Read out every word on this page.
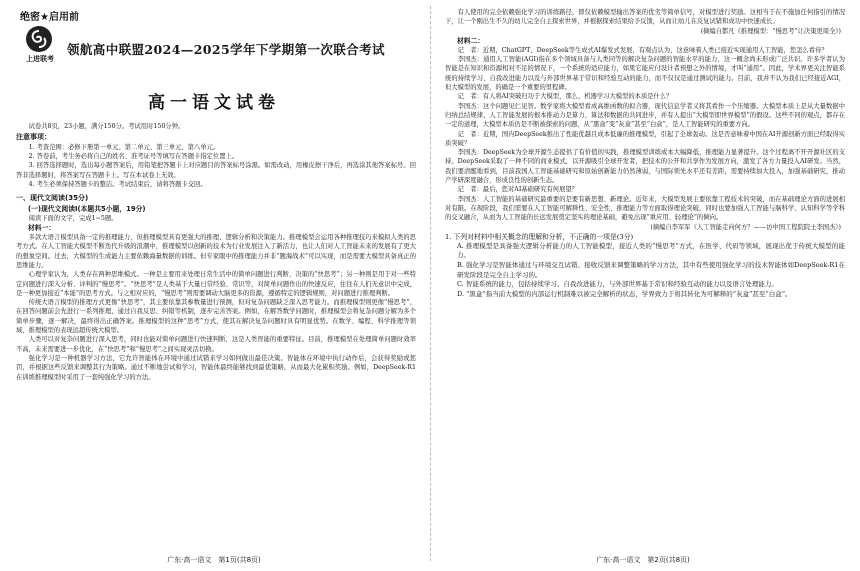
绝密★启用前
上进联考
领航高中联盟2024—2025学年下学期第一次联合考试
高一语文试卷

试卷共8页，23小题，满分150分。考试用时150分钟。

注意事项：

1. 考查范围：必修下册第一单元、第二单元、第三单元、第八单元。

2. 答卷前，考生务必将自己的姓名、准考证号等填写在答题卡指定位置上。

3. 回答选择题时，选出每小题答案后，用铅笔把答题卡上对应题目的答案标号涂黑。如需改动，用橡皮擦干净后，再选涂其他答案标号。回答非选择题时，将答案写在答题卡上。写在本试卷上无效。

4. 考生必须保持答题卡的整洁。考试结束后，请将答题卡交回。

一、现代文阅读(35分)

(一)现代文阅读Ⅰ(本题共5小题，19分)

阅读下面的文字，完成1~5题。

材料一：

多款大语言模型具备一定的推理能力，但推理模型具有更强大的推理、逻辑分析和决策能力。推理模型会运用各种推理技巧来模拟人类的思考方式。在人工智能大模型不断迭代升级的浪潮中，推理模型以创新的技术为行业发展注入了新活力，也让人们对人工智能未来的发展有了更大的想象空间。过去，大模型的生成能力主要依赖海量数据的训练。但专家眼中的推理能力并非“题海战术”可以实现，而是需要大模型具备真正的思维能力。

心理学家认为，人类存在两种思维模式。一种是主要用来处理日常生活中的简单问题进行判断、决策的“快思考”；另一种则是用于对一些特定问题进行深入分析、评判的“慢思考”。“快思考”是人类基于大量日常经验、常识等，对简单问题作出的快速反应，往往在人们无意识中完成，是一种更加接近“本能”的思考方式。与之相对应的，“慢思考”则需要调动大脑更多的资源，遵循特定的逻辑规则，对问题进行推理判断。

传统大语言模型的推理方式更像“快思考”，其主要依靠其参数量进行预测，但对复杂问题缺乏深入思考能力。而推理模型则更像“慢思考”，在回答问题前会先进行一系列推理，通过自我反思、纠错等机制，逐步完善答案。例如，在解答数学问题时，推理模型会将复杂问题分解为多个简单步骤，逐一解决，最终得出正确答案。推理模型的这种“思考”方式，使其在解决复杂问题时具有明显优势。在数学、编程、科学推理等领域，推理模型的表现远超传统大模型。

人类可以对复杂问题进行深入思考，同时也能对简单问题进行快速判断，这是人类智能的重要特征。目前，推理模型在处理简单问题时效率不高，未来需要进一步优化，在“快思考”和“慢思考”之间实现灵活切换。

强化学习是一种机器学习方法，它允许智能体在环境中通过试错来学习如何做出最佳决策。智能体在环境中执行动作后，会获得奖励或惩罚，并根据这些反馈来调整其行为策略。通过不断地尝试和学习，智能体最终能够找到最优策略，从而最大化累积奖励。例如，DeepSeek-R1在训练推理模型时采用了一套纯强化学习的方法。

广东·高一语文　第1页(共8页)

有人使用的完全依赖强化学习的训练路径，即仅依赖模型输出答案的优劣等简单信号，对模型进行奖励。这相当于在不施加任何指引的情况下，让一个刚出生不久的幼儿完全自主探索世界，并根据探索结果给予反馈，从而让幼儿在反复试错和成功中快速成长。

(摘编自都凡《推理模型：“慢思考”让决策更周全》)

材料二：

记　者：近期，ChatGPT、DeepSeek等生成式AI爆发式发展，有观点认为，这意味着人类已接近实现通用人工智能，您怎么看待？

李国杰：通用人工智能(AGI)指在多个领域具备与人类同等的解决复杂问题的智能水平的能力，这一概念尚未形成广泛共识。许多学者认为智能是在知识和资源相对不足的情况下，一个系统的适应能力，如果它能应付设计者预想之外的情境，才叫“通用”。因此，学术界更关注智能系统的持续学习、自我改进能力以及与外部世界基于常识和经验互动的能力，而不仅仅是通过测试的能力。目前，我并不认为我们已经接近AGI，但大模型的发展，的确是一个重要的里程碑。

记　者：有人将AI突破归功于大模型，那么，机器学习大模型的本质是什么？

李国杰：这个问题见仁见智。数学家将大模型看成高维函数的拟合器，现代信息学者又将其看作一个压缩器。大模型本质上是从大量数据中归纳总结规律，人工智能发展的根本推动力是算力、算法和数据的共同进步，并有人提出“大模型即世界模型”的假设。这些不同的观点，都存在一定的道理，大模型本质仍是不断被探索的问题，从“黑盒”变“灰盒”甚至“白盒”，是人工智能研究的重要方向。

记　者：近期，国内DeepSeek推出了性能优越且成本低廉的推理模型，引起了全球轰动。这是否意味着中国在AI开源创新方面已经取得实质突破？

李国杰：DeepSeek为全球开源生态提供了有价值的实践，推理模型训练成本大幅降低，推理能力显著提升。这个过程离不开开源社区的支持。DeepSeek采取了一种不同的商业模式，以开源吸引全球开发者，把技术的公开和共享作为发展方向，激发了各方力量投入AI研发。当然，我们要清醒地看到，目前我国人工智能基础研究和原始创新能力仍然薄弱，与国际领先水平还有差距，需要持续加大投入，加强基础研究，推动产学研深度融合，形成良性的创新生态。

记　者：最后，您对AI基础研究有何展望？

李国杰：人工智能的基础研究最重要的是要有新思想、新理论。近年来，大模型发展主要依靠工程技术的突破，而在基础理论方面的进展相对有限。在现阶段，我们需要在人工智能可解释性、安全性、推理能力等方面取得理论突破，同时也要加强人工智能与脑科学、认知科学等学科的交叉融合，从而为人工智能的长远发展奠定坚实的理论基础，避免出现“重应用、轻理论”的倾向。

(摘编自李军军《人工智能走向何方？——访中国工程院院士李国杰》)

1. 下列对材料中相关概念的理解和分析，不正确的一项是(3分)

A. 推理模型是具备强大逻辑分析能力的人工智能模型，接近人类的“慢思考”方式，在医学、代码等领域，展现出优于传统大模型的能力。

B. 强化学习是智能体通过与环境交互试错、接收反馈来调整策略的学习方法，其中有些使用强化学习的技术智能体如DeepSeek-R1在研发阶段是完全自主学习的。

C. 智能系统的能力，包括持续学习、自我改进能力，与外部世界基于常识和经验互动的能力以及语言处理能力。

D. “黑盒”指当前大模型的内部运行机制难以被完全解析的状态，学界致力于将其转化为可解释的“灰盒”甚至“白盒”。

广东·高一语文　第2页(共8页)
